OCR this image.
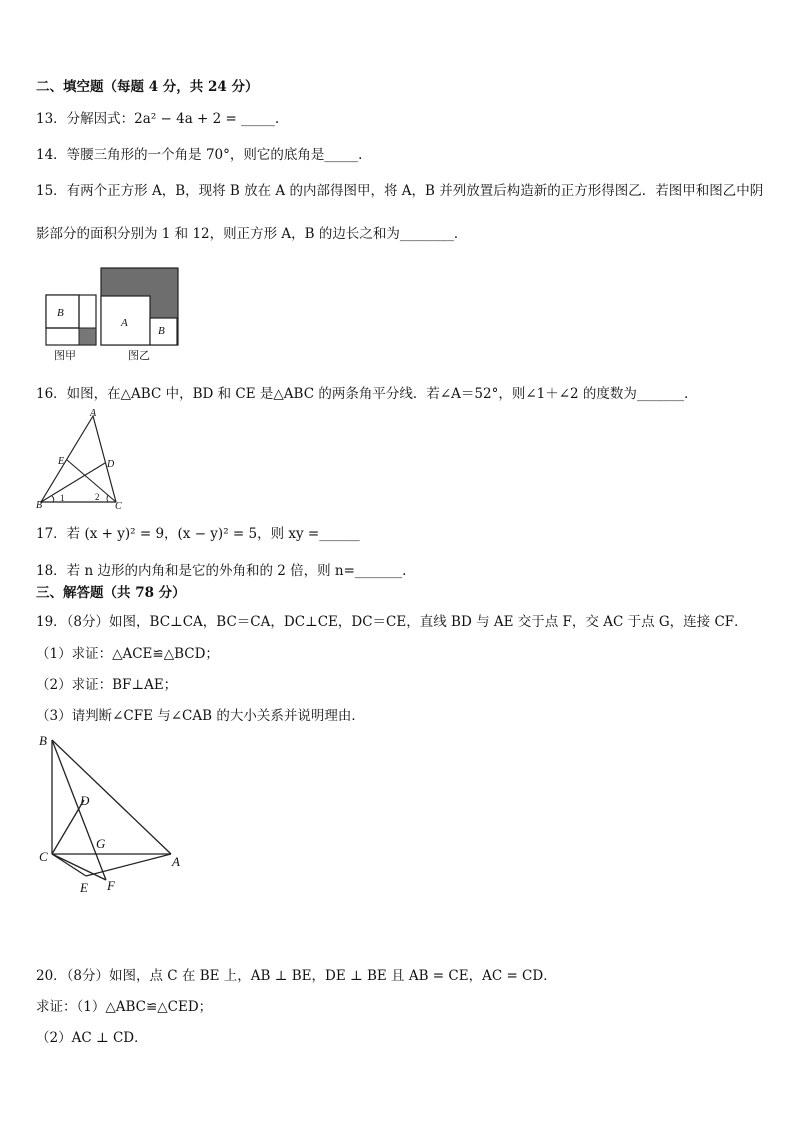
二、填空题（每题 4 分，共 24 分）
13．分解因式：2a² − 4a + 2 = _____.
14．等腰三角形的一个角是 70°，则它的底角是_____.
15．有两个正方形 A，B，现将 B 放在 A 的内部得图甲，将 A，B 并列放置后构造新的正方形得图乙．若图甲和图乙中阴
影部分的面积分别为 1 和 12，则正方形 A，B 的边长之和为________．
B
图甲
A
B
图乙
16．如图，在△ABC 中，BD 和 CE 是△ABC 的两条角平分线．若∠A＝52°，则∠1＋∠2 的度数为_______．
A
E	D
B	C
1	2
17．若 (x + y)² = 9，(x − y)² = 5，则 xy =______
18．若 n 边形的内角和是它的外角和的 2 倍，则 n=_______.
三、解答题（共 78 分）
19．（8分）如图，BC⊥CA，BC＝CA，DC⊥CE，DC＝CE，直线 BD 与 AE 交于点 F，交 AC 于点 G，连接 CF．
（1）求证：△ACE≌△BCD；
（2）求证：BF⊥AE；
（3）请判断∠CFE 与∠CAB 的大小关系并说明理由．
B
D
G
C	A
E F
20．（8分）如图，点 C 在 BE 上，AB ⊥ BE，DE ⊥ BE 且 AB = CE，AC = CD．
求证：（1）△ABC≌△CED；
（2）AC ⊥ CD．
